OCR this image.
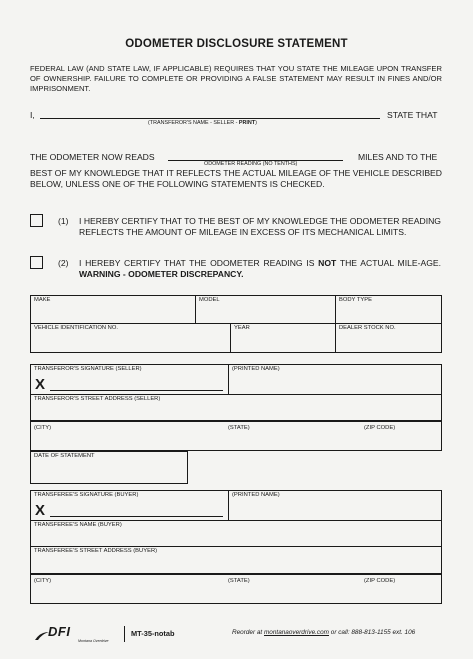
ODOMETER DISCLOSURE STATEMENT
FEDERAL LAW (AND STATE LAW, IF APPLICABLE) REQUIRES THAT YOU STATE THE MILEAGE UPON TRANSFER OF OWNERSHIP. FAILURE TO COMPLETE OR PROVIDING A FALSE STATEMENT MAY RESULT IN FINES AND/OR IMPRISONMENT.
I,
(TRANSFEROR'S NAME - SELLER - PRINT)
STATE THAT
THE ODOMETER NOW READS
ODOMETER READING (NO TENTHS)
MILES AND TO THE
BEST OF MY KNOWLEDGE THAT IT REFLECTS THE ACTUAL MILEAGE OF THE VEHICLE DESCRIBED BELOW, UNLESS ONE OF THE FOLLOWING STATEMENTS IS CHECKED.
(1) I HEREBY CERTIFY THAT TO THE BEST OF MY KNOWLEDGE THE ODOMETER READING REFLECTS THE AMOUNT OF MILEAGE IN EXCESS OF ITS MECHANICAL LIMITS.
(2) I HEREBY CERTIFY THAT THE ODOMETER READING IS NOT THE ACTUAL MILE-AGE. WARNING - ODOMETER DISCREPANCY.
MAKE	MODEL	BODY TYPE
VEHICLE IDENTIFICATION NO.	YEAR	DEALER STOCK NO.
TRANSFEROR'S SIGNATURE (SELLER)	(PRINTED NAME)
X
TRANSFEROR'S STREET ADDRESS (SELLER)
(CITY)	(STATE)	(ZIP CODE)
DATE OF STATEMENT
TRANSFEREE'S SIGNATURE (BUYER)	(PRINTED NAME)
X
TRANSFEREE'S NAME (BUYER)
TRANSFEREE'S STREET ADDRESS (BUYER)
(CITY)	(STATE)	(ZIP CODE)
DFI
Montana Overdrive
MT-35-notab	Reorder at montanaoverdrive.com or call: 888-813-1155 ext. 106
